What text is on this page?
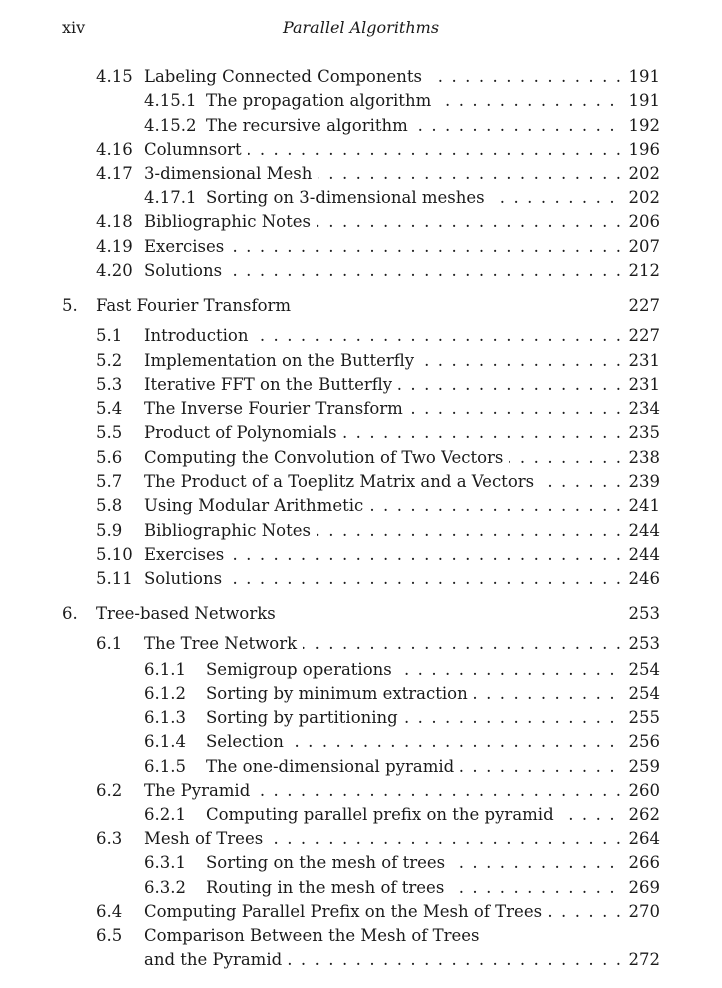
xiv	Parallel Algorithms
4.15 Labeling Connected Components . . .	191
4.15.1 The propagation algorithm . . .	191
4.15.2 The recursive algorithm . . .	192
4.16 Columnsort . . .	196
4.17 3-dimensional Mesh . . .	202
4.17.1 Sorting on 3-dimensional meshes . . .	202
4.18 Bibliographic Notes . . .	206
4.19 Exercises . . .	207
4.20 Solutions . . .	212
5. Fast Fourier Transform	227
5.1 Introduction . . .	227
5.2 Implementation on the Butterfly . . .	231
5.3 Iterative FFT on the Butterfly . . .	231
5.4 The Inverse Fourier Transform . . .	234
5.5 Product of Polynomials . . .	235
5.6 Computing the Convolution of Two Vectors . . .	238
5.7 The Product of a Toeplitz Matrix and a Vectors . . .	239
5.8 Using Modular Arithmetic . . .	241
5.9 Bibliographic Notes . . .	244
5.10 Exercises . . .	244
5.11 Solutions . . .	246
6. Tree-based Networks	253
6.1 The Tree Network . . .	253
6.1.1 Semigroup operations . . .	254
6.1.2 Sorting by minimum extraction . . .	254
6.1.3 Sorting by partitioning . . .	255
6.1.4 Selection . . .	256
6.1.5 The one-dimensional pyramid . . .	259
6.2 The Pyramid . . .	260
6.2.1 Computing parallel prefix on the pyramid . . .	262
6.3 Mesh of Trees . . .	264
6.3.1 Sorting on the mesh of trees . . .	266
6.3.2 Routing in the mesh of trees . . .	269
6.4 Computing Parallel Prefix on the Mesh of Trees . . .	270
6.5 Comparison Between the Mesh of Trees
and the Pyramid . . .	272
